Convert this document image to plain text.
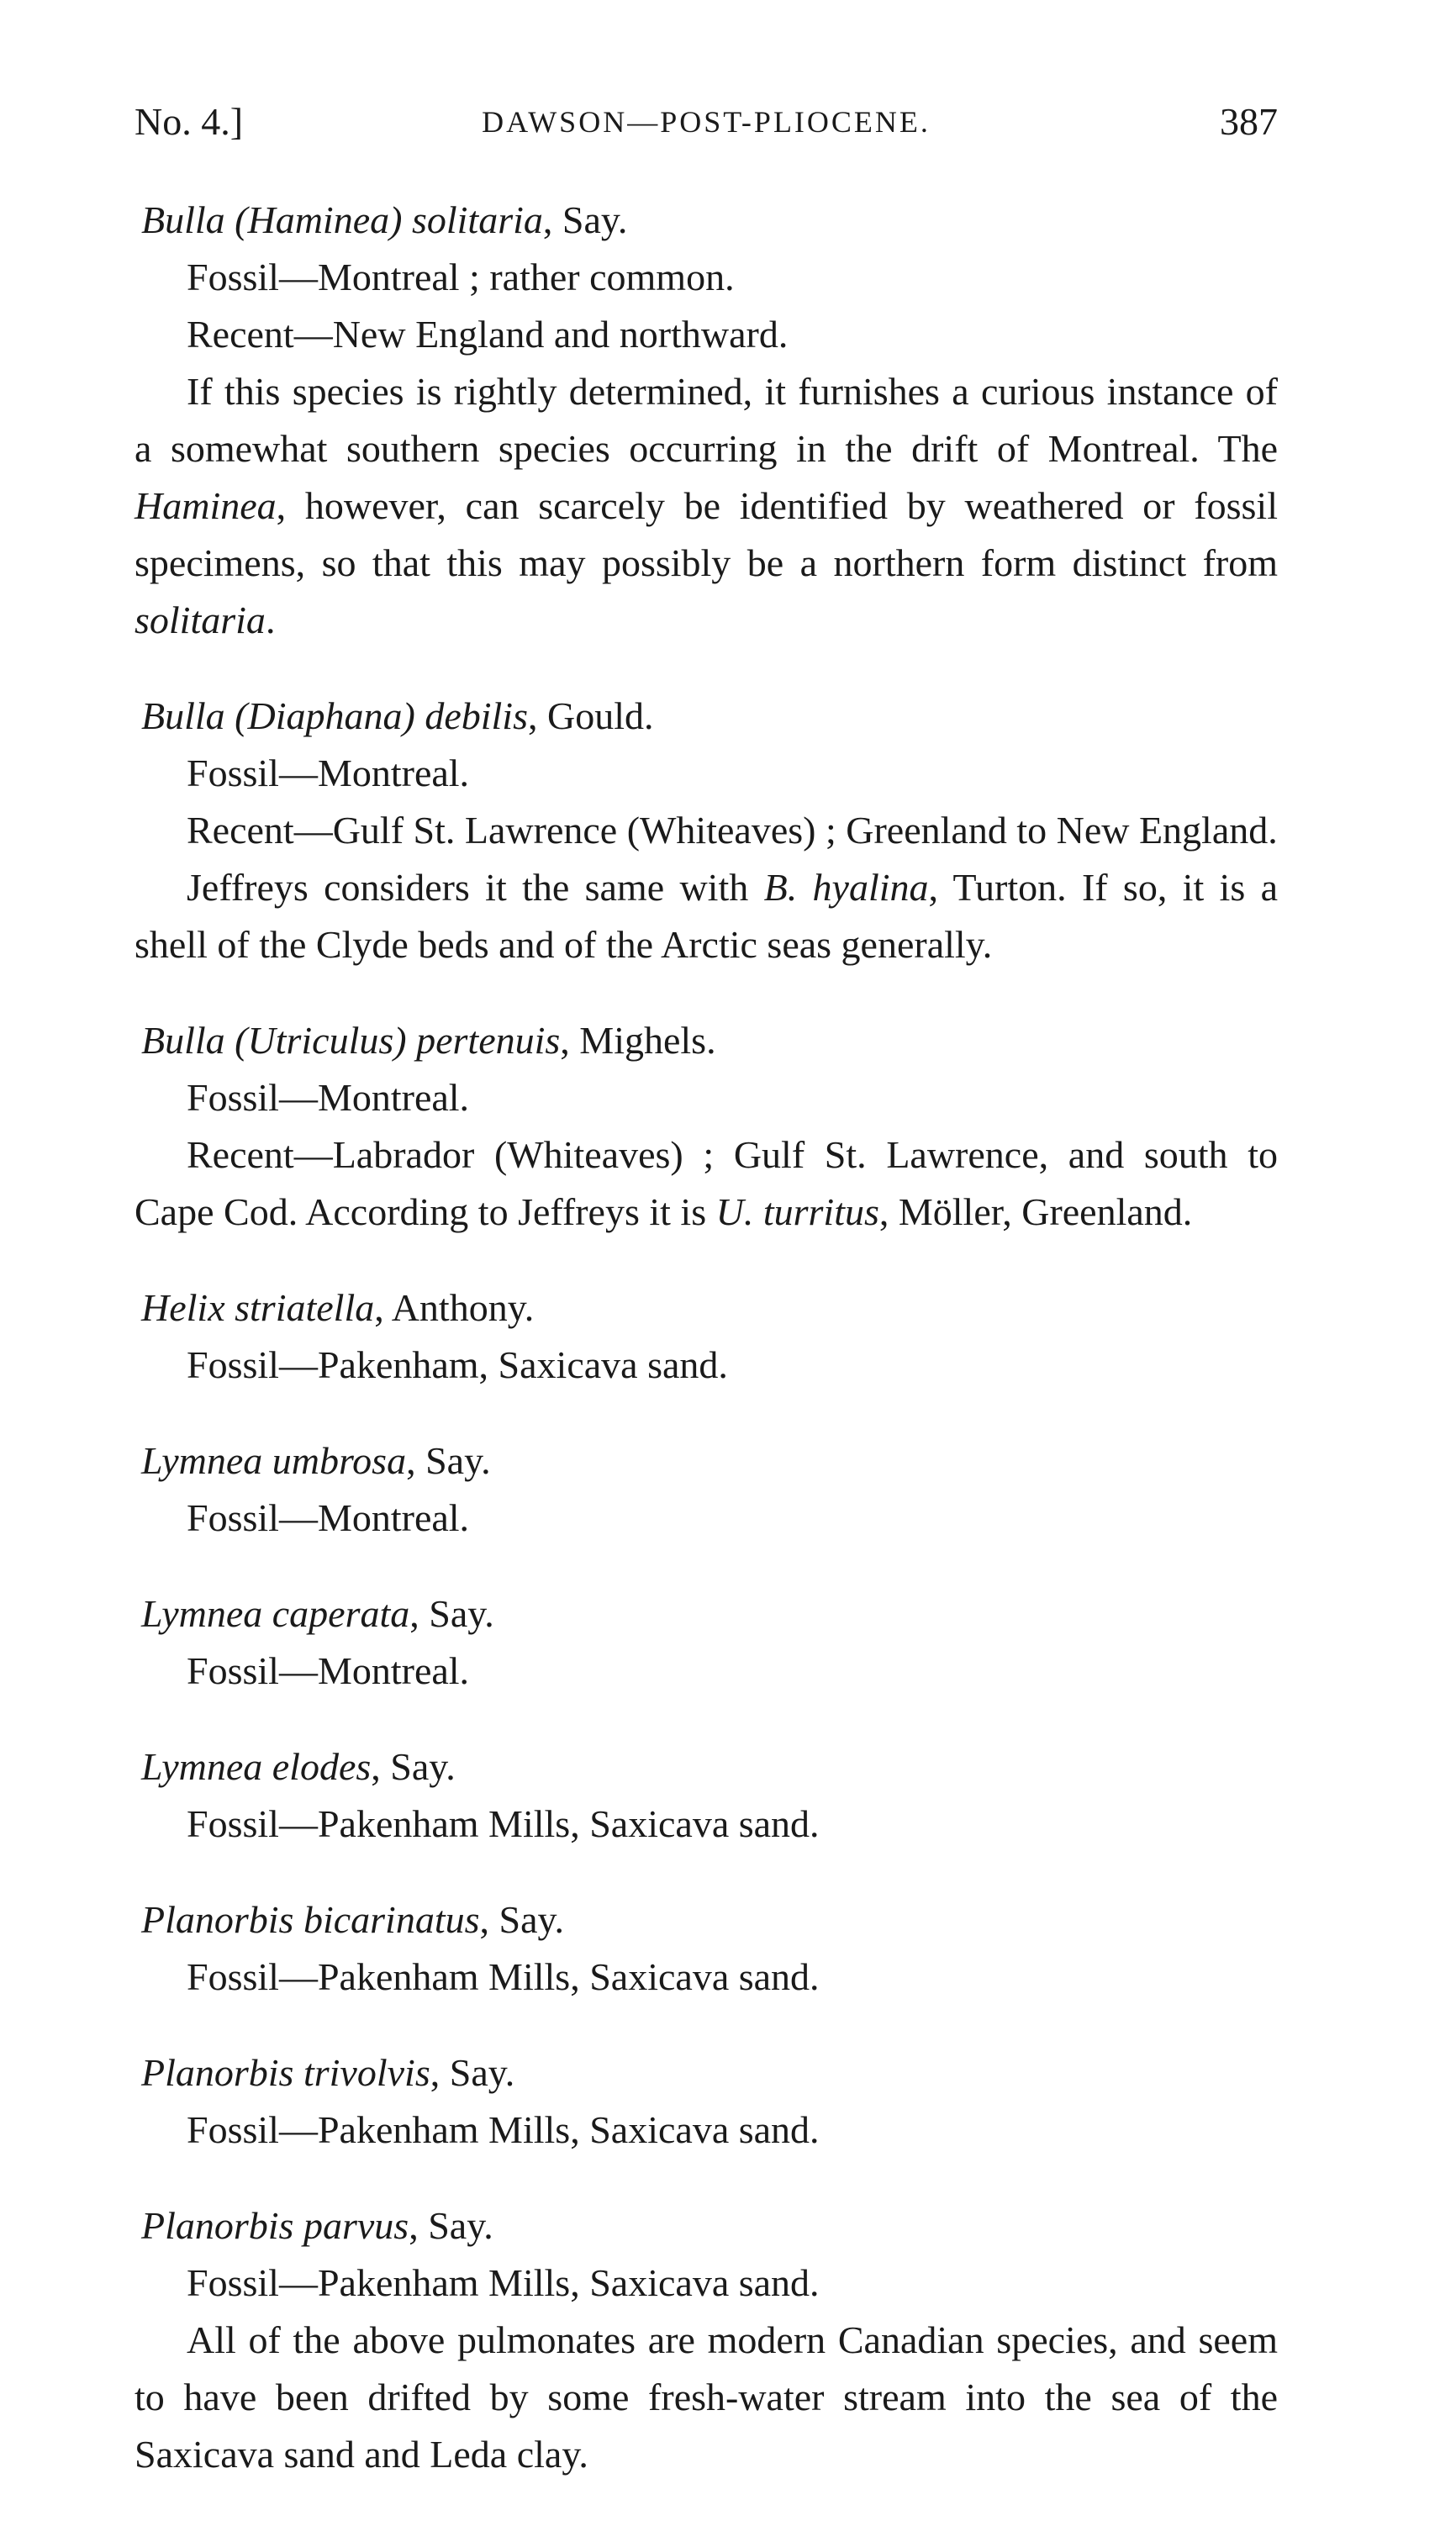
No. 4.]	DAWSON—POST-PLIOCENE.	387
Bulla (Haminea) solitaria, Say.
Fossil—Montreal ; rather common.
Recent—New England and northward.
If this species is rightly determined, it furnishes a curious instance of a somewhat southern species occurring in the drift of Montreal. The Haminea, however, can scarcely be identified by weathered or fossil specimens, so that this may possibly be a northern form distinct from solitaria.
Bulla (Diaphana) debilis, Gould.
Fossil—Montreal.
Recent—Gulf St. Lawrence (Whiteaves) ; Greenland to New England.
Jeffreys considers it the same with B. hyalina, Turton. If so, it is a shell of the Clyde beds and of the Arctic seas generally.
Bulla (Utriculus) pertenuis, Mighels.
Fossil—Montreal.
Recent—Labrador (Whiteaves) ; Gulf St. Lawrence, and south to Cape Cod. According to Jeffreys it is U. turritus, Möller, Greenland.
Helix striatella, Anthony.
Fossil—Pakenham, Saxicava sand.
Lymnea umbrosa, Say.
Fossil—Montreal.
Lymnea caperata, Say.
Fossil—Montreal.
Lymnea elodes, Say.
Fossil—Pakenham Mills, Saxicava sand.
Planorbis bicarinatus, Say.
Fossil—Pakenham Mills, Saxicava sand.
Planorbis trivolvis, Say.
Fossil—Pakenham Mills, Saxicava sand.
Planorbis parvus, Say.
Fossil—Pakenham Mills, Saxicava sand.
All of the above pulmonates are modern Canadian species, and seem to have been drifted by some fresh-water stream into the sea of the Saxicava sand and Leda clay.
